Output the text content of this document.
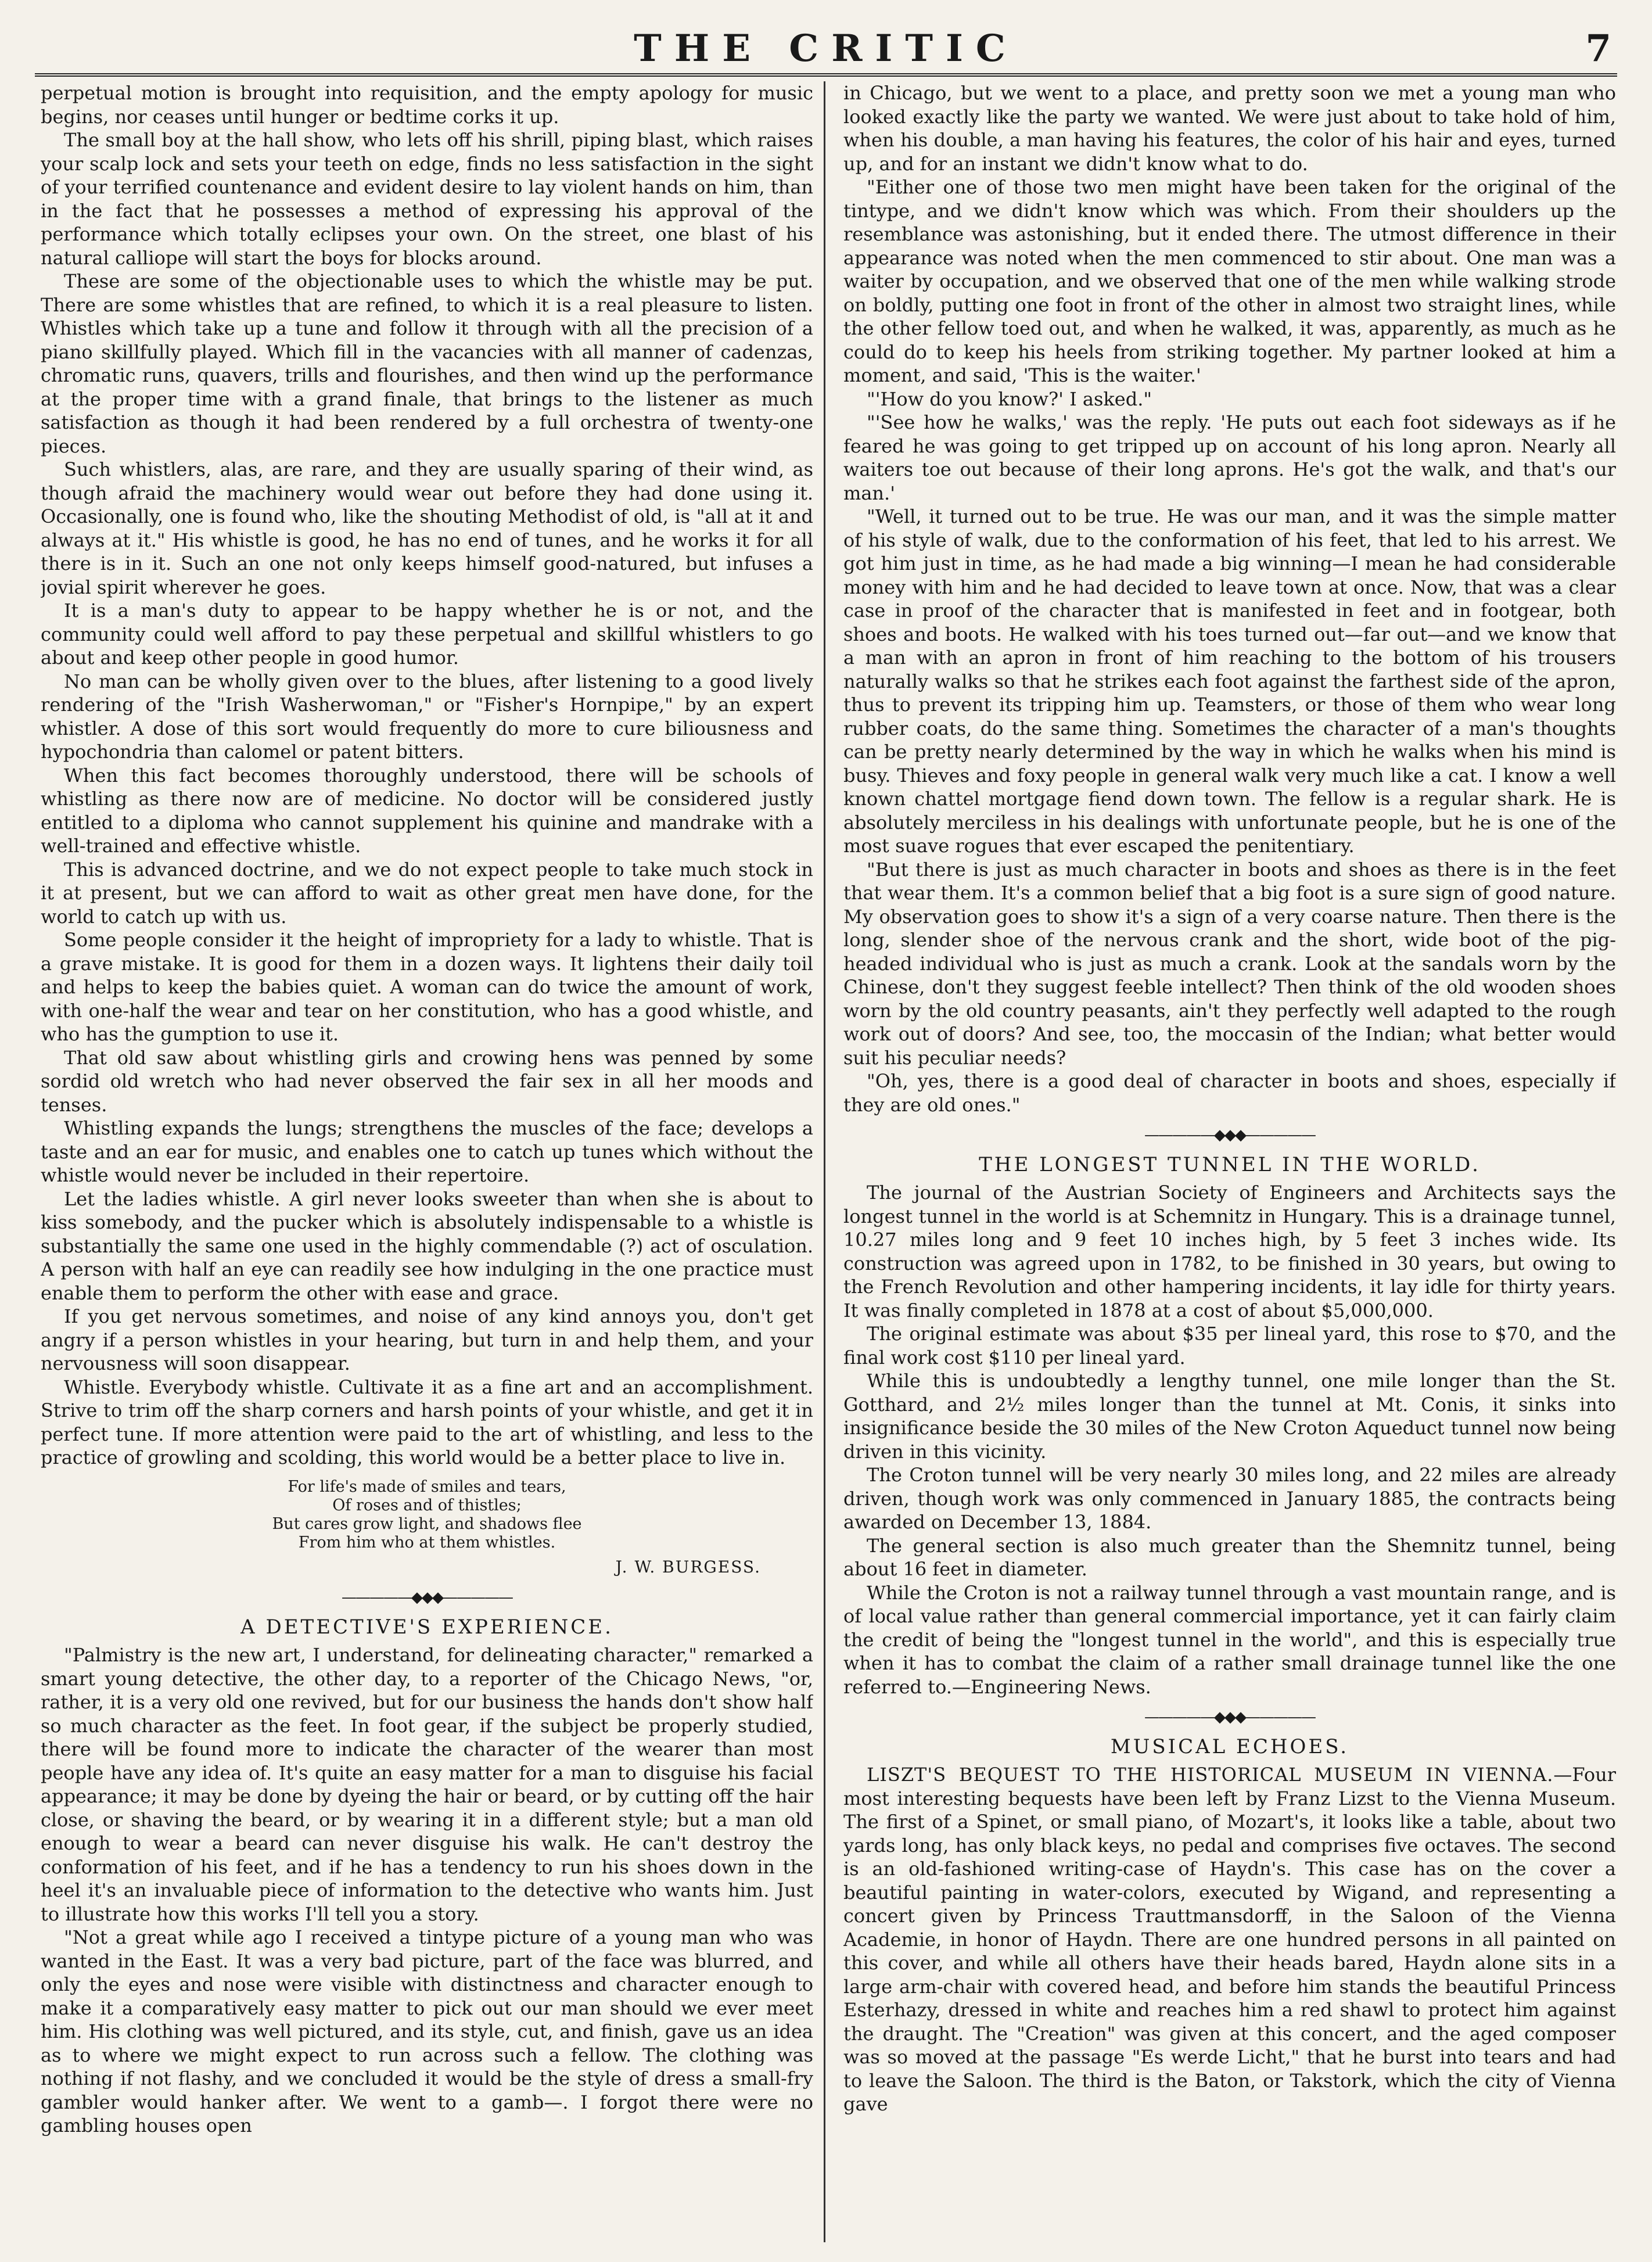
THE CRITIC	7

perpetual motion is brought into requisition, and the empty apology for music begins, nor ceases until hunger or bedtime corks it up.

The small boy at the hall show, who lets off his shrill, piping blast, which raises your scalp lock and sets your teeth on edge, finds no less satisfaction in the sight of your terrified countenance and evident desire to lay violent hands on him, than in the fact that he possesses a method of expressing his approval of the performance which totally eclipses your own. On the street, one blast of his natural calliope will start the boys for blocks around.

These are some of the objectionable uses to which the whistle may be put. There are some whistles that are refined, to which it is a real pleasure to listen. Whistles which take up a tune and follow it through with all the precision of a piano skillfully played. Which fill in the vacancies with all manner of cadenzas, chromatic runs, quavers, trills and flourishes, and then wind up the performance at the proper time with a grand finale, that brings to the listener as much satisfaction as though it had been rendered by a full orchestra of twenty-one pieces.

Such whistlers, alas, are rare, and they are usually sparing of their wind, as though afraid the machinery would wear out before they had done using it. Occasionally, one is found who, like the shouting Methodist of old, is "all at it and always at it." His whistle is good, he has no end of tunes, and he works it for all there is in it. Such an one not only keeps himself good-natured, but infuses a jovial spirit wherever he goes.

It is a man's duty to appear to be happy whether he is or not, and the community could well afford to pay these perpetual and skillful whistlers to go about and keep other people in good humor.

No man can be wholly given over to the blues, after listening to a good lively rendering of the "Irish Washerwoman," or "Fisher's Hornpipe," by an expert whistler. A dose of this sort would frequently do more to cure biliousness and hypochondria than calomel or patent bitters.

When this fact becomes thoroughly understood, there will be schools of whistling as there now are of medicine. No doctor will be considered justly entitled to a diploma who cannot supplement his quinine and mandrake with a well-trained and effective whistle.

This is advanced doctrine, and we do not expect people to take much stock in it at present, but we can afford to wait as other great men have done, for the world to catch up with us.

Some people consider it the height of impropriety for a lady to whistle. That is a grave mistake. It is good for them in a dozen ways. It lightens their daily toil and helps to keep the babies quiet. A woman can do twice the amount of work, with one-half the wear and tear on her constitution, who has a good whistle, and who has the gumption to use it.

That old saw about whistling girls and crowing hens was penned by some sordid old wretch who had never observed the fair sex in all her moods and tenses.

Whistling expands the lungs; strengthens the muscles of the face; develops a taste and an ear for music, and enables one to catch up tunes which without the whistle would never be included in their repertoire.

Let the ladies whistle. A girl never looks sweeter than when she is about to kiss somebody, and the pucker which is absolutely indispensable to a whistle is substantially the same one used in the highly commendable (?) act of osculation. A person with half an eye can readily see how indulging in the one practice must enable them to perform the other with ease and grace.

If you get nervous sometimes, and noise of any kind annoys you, don't get angry if a person whistles in your hearing, but turn in and help them, and your nervousness will soon disappear.

Whistle. Everybody whistle. Cultivate it as a fine art and an accomplishment. Strive to trim off the sharp corners and harsh points of your whistle, and get it in perfect tune. If more attention were paid to the art of whistling, and less to the practice of growling and scolding, this world would be a better place to live in.

For life's made of smiles and tears,
Of roses and of thistles;
But cares grow light, and shadows flee
From him who at them whistles.
J. W. BURGESS.
—————◆◆◆—————
A DETECTIVE'S EXPERIENCE.

"Palmistry is the new art, I understand, for delineating character," remarked a smart young detective, the other day, to a reporter of the Chicago News, "or, rather, it is a very old one revived, but for our business the hands don't show half so much character as the feet. In foot gear, if the subject be properly studied, there will be found more to indicate the character of the wearer than most people have any idea of. It's quite an easy matter for a man to disguise his facial appearance; it may be done by dyeing the hair or beard, or by cutting off the hair close, or shaving the beard, or by wearing it in a different style; but a man old enough to wear a beard can never disguise his walk. He can't destroy the conformation of his feet, and if he has a tendency to run his shoes down in the heel it's an invaluable piece of information to the detective who wants him. Just to illustrate how this works I'll tell you a story.

"Not a great while ago I received a tintype picture of a young man who was wanted in the East. It was a very bad picture, part of the face was blurred, and only the eyes and nose were visible with distinctness and character enough to make it a comparatively easy matter to pick out our man should we ever meet him. His clothing was well pictured, and its style, cut, and finish, gave us an idea as to where we might expect to run across such a fellow. The clothing was nothing if not flashy, and we concluded it would be the style of dress a small-fry gambler would hanker after. We went to a gamb—. I forgot there were no gambling houses open

in Chicago, but we went to a place, and pretty soon we met a young man who looked exactly like the party we wanted. We were just about to take hold of him, when his double, a man having his features, the color of his hair and eyes, turned up, and for an instant we didn't know what to do.

"Either one of those two men might have been taken for the original of the tintype, and we didn't know which was which. From their shoulders up the resemblance was astonishing, but it ended there. The utmost difference in their appearance was noted when the men commenced to stir about. One man was a waiter by occupation, and we observed that one of the men while walking strode on boldly, putting one foot in front of the other in almost two straight lines, while the other fellow toed out, and when he walked, it was, apparently, as much as he could do to keep his heels from striking together. My partner looked at him a moment, and said, 'This is the waiter.'

"'How do you know?' I asked."

"'See how he walks,' was the reply. 'He puts out each foot sideways as if he feared he was going to get tripped up on account of his long apron. Nearly all waiters toe out because of their long aprons. He's got the walk, and that's our man.'

"Well, it turned out to be true. He was our man, and it was the simple matter of his style of walk, due to the conformation of his feet, that led to his arrest. We got him just in time, as he had made a big winning—I mean he had considerable money with him and he had decided to leave town at once. Now, that was a clear case in proof of the character that is manifested in feet and in footgear, both shoes and boots. He walked with his toes turned out—far out—and we know that a man with an apron in front of him reaching to the bottom of his trousers naturally walks so that he strikes each foot against the farthest side of the apron, thus to prevent its tripping him up. Teamsters, or those of them who wear long rubber coats, do the same thing. Sometimes the character of a man's thoughts can be pretty nearly determined by the way in which he walks when his mind is busy. Thieves and foxy people in general walk very much like a cat. I know a well known chattel mortgage fiend down town. The fellow is a regular shark. He is absolutely merciless in his dealings with unfortunate people, but he is one of the most suave rogues that ever escaped the penitentiary.

"But there is just as much character in boots and shoes as there is in the feet that wear them. It's a common belief that a big foot is a sure sign of good nature. My observation goes to show it's a sign of a very coarse nature. Then there is the long, slender shoe of the nervous crank and the short, wide boot of the pig-headed individual who is just as much a crank. Look at the sandals worn by the Chinese, don't they suggest feeble intellect? Then think of the old wooden shoes worn by the old country peasants, ain't they perfectly well adapted to the rough work out of doors? And see, too, the moccasin of the Indian; what better would suit his peculiar needs?

"Oh, yes, there is a good deal of character in boots and shoes, especially if they are old ones."

—————◆◆◆—————
THE LONGEST TUNNEL IN THE WORLD.

The journal of the Austrian Society of Engineers and Architects says the longest tunnel in the world is at Schemnitz in Hungary. This is a drainage tunnel, 10.27 miles long and 9 feet 10 inches high, by 5 feet 3 inches wide. Its construction was agreed upon in 1782, to be finished in 30 years, but owing to the French Revolution and other hampering incidents, it lay idle for thirty years. It was finally completed in 1878 at a cost of about $5,000,000.

The original estimate was about $35 per lineal yard, this rose to $70, and the final work cost $110 per lineal yard.

While this is undoubtedly a lengthy tunnel, one mile longer than the St. Gotthard, and 2½ miles longer than the tunnel at Mt. Conis, it sinks into insignificance beside the 30 miles of the New Croton Aqueduct tunnel now being driven in this vicinity.

The Croton tunnel will be very nearly 30 miles long, and 22 miles are already driven, though work was only commenced in January 1885, the contracts being awarded on December 13, 1884.

The general section is also much greater than the Shemnitz tunnel, being about 16 feet in diameter.

While the Croton is not a railway tunnel through a vast mountain range, and is of local value rather than general commercial importance, yet it can fairly claim the credit of being the "longest tunnel in the world", and this is especially true when it has to combat the claim of a rather small drainage tunnel like the one referred to.—Engineering News.

—————◆◆◆—————
MUSICAL ECHOES.

LISZT'S BEQUEST TO THE HISTORICAL MUSEUM IN VIENNA.—Four most interesting bequests have been left by Franz Lizst to the Vienna Museum. The first of a Spinet, or small piano, of Mozart's, it looks like a table, about two yards long, has only black keys, no pedal and comprises five octaves. The second is an old-fashioned writing-case of Haydn's. This case has on the cover a beautiful painting in water-colors, executed by Wigand, and representing a concert given by Princess Trauttmansdorff, in the Saloon of the Vienna Academie, in honor of Haydn. There are one hundred persons in all painted on this cover, and while all others have their heads bared, Haydn alone sits in a large arm-chair with covered head, and before him stands the beautiful Princess Esterhazy, dressed in white and reaches him a red shawl to protect him against the draught. The "Creation" was given at this concert, and the aged composer was so moved at the passage "Es werde Licht," that he burst into tears and had to leave the Saloon. The third is the Baton, or Takstork, which the city of Vienna gave
